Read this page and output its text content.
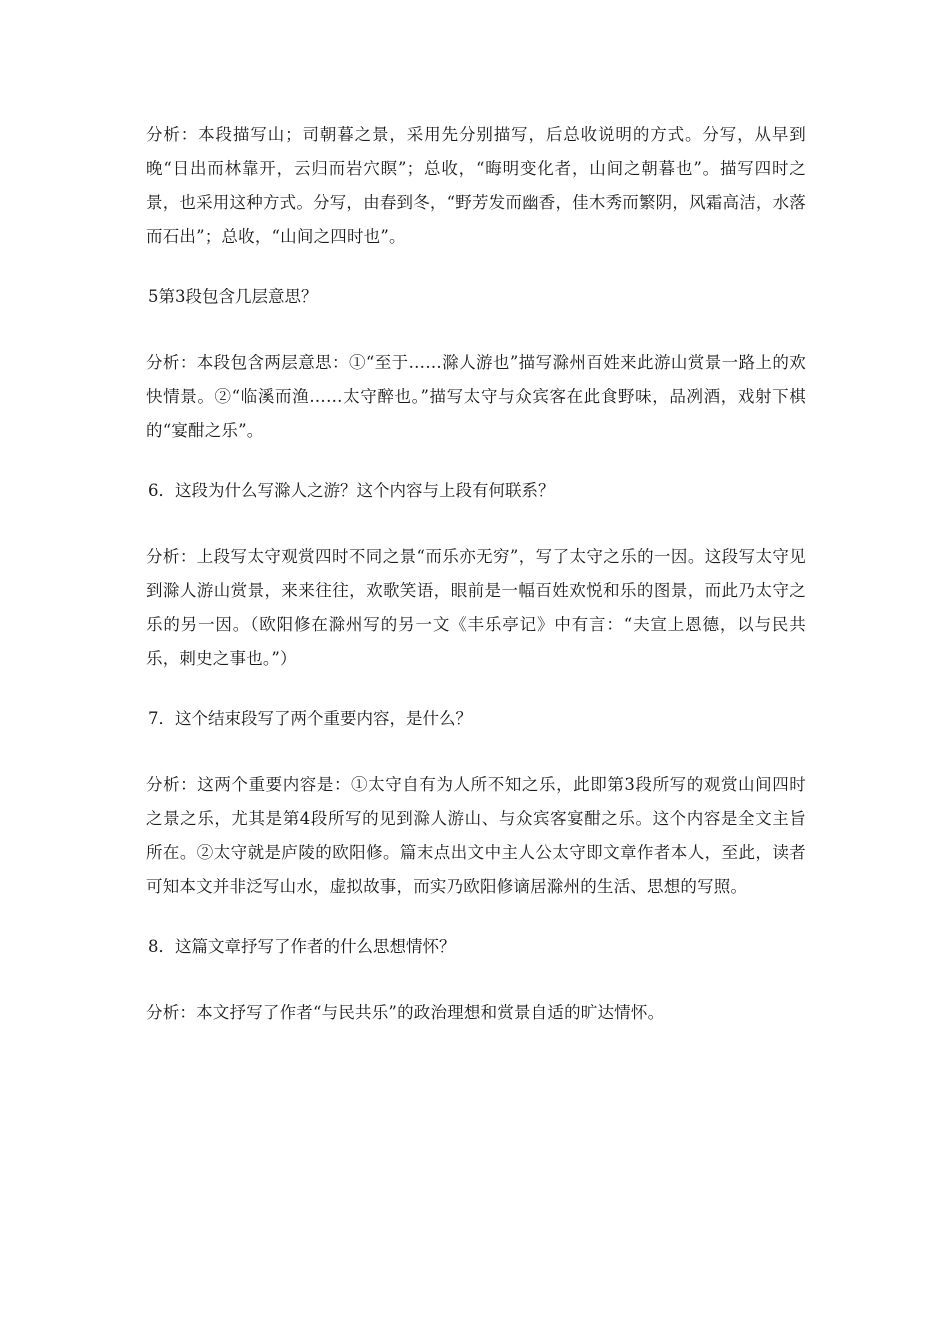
分析：本段描写山；司朝暮之景，采用先分别描写，后总收说明的方式。分写，从早到晚“日出而林靠开，云归而岩穴瞑”；总收，“晦明变化者，山间之朝暮也”。描写四时之景，也采用这种方式。分写，由春到冬，“野芳发而幽香，佳木秀而繁阴，风霜高洁，水落而石出”；总收，“山间之四时也”。

5第3段包含几层意思？

分析：本段包含两层意思：①“至于……滁人游也”描写滁州百姓来此游山赏景一路上的欢快情景。②“临溪而渔……太守醉也。”描写太守与众宾客在此食野味，品冽酒，戏射下棋的“宴酣之乐”。

6．这段为什么写滁人之游？这个内容与上段有何联系？

分析：上段写太守观赏四时不同之景“而乐亦无穷”，写了太守之乐的一因。这段写太守见到滁人游山赏景，来来往往，欢歌笑语，眼前是一幅百姓欢悦和乐的图景，而此乃太守之乐的另一因。（欧阳修在滁州写的另一文《丰乐亭记》中有言：“夫宣上恩德，以与民共乐，刺史之事也。”）

7．这个结束段写了两个重要内容，是什么？

分析：这两个重要内容是：①太守自有为人所不知之乐，此即第3段所写的观赏山间四时之景之乐，尤其是第4段所写的见到滁人游山、与众宾客宴酣之乐。这个内容是全文主旨所在。②太守就是庐陵的欧阳修。篇末点出文中主人公太守即文章作者本人，至此，读者可知本文并非泛写山水，虚拟故事，而实乃欧阳修谪居滁州的生活、思想的写照。

8．这篇文章抒写了作者的什么思想情怀？

分析：本文抒写了作者“与民共乐”的政治理想和赏景自适的旷达情怀。
